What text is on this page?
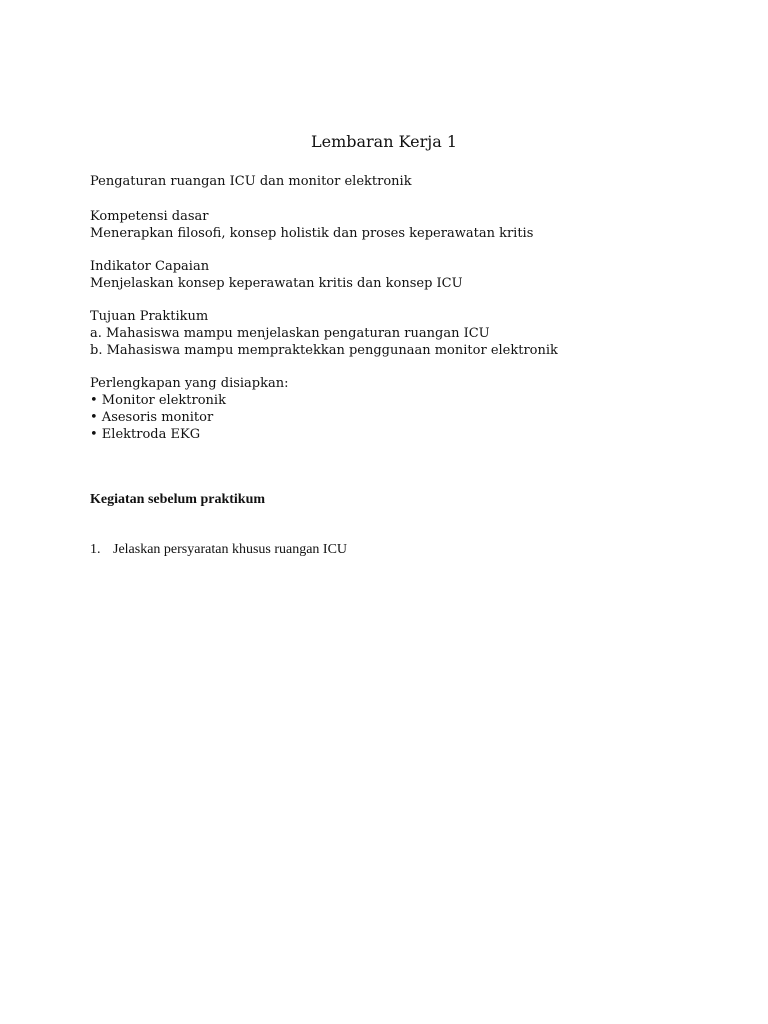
Lembaran Kerja 1
Pengaturan ruangan ICU dan monitor elektronik
Kompetensi dasar
Menerapkan filosofi, konsep holistik dan proses keperawatan kritis
Indikator Capaian
Menjelaskan konsep keperawatan kritis dan konsep ICU
Tujuan Praktikum
a. Mahasiswa mampu menjelaskan pengaturan ruangan ICU
b. Mahasiswa mampu mempraktekkan penggunaan monitor elektronik
Perlengkapan yang disiapkan:
• Monitor elektronik
• Asesoris monitor
• Elektroda EKG
Kegiatan sebelum praktikum
1. Jelaskan persyaratan khusus ruangan ICU
